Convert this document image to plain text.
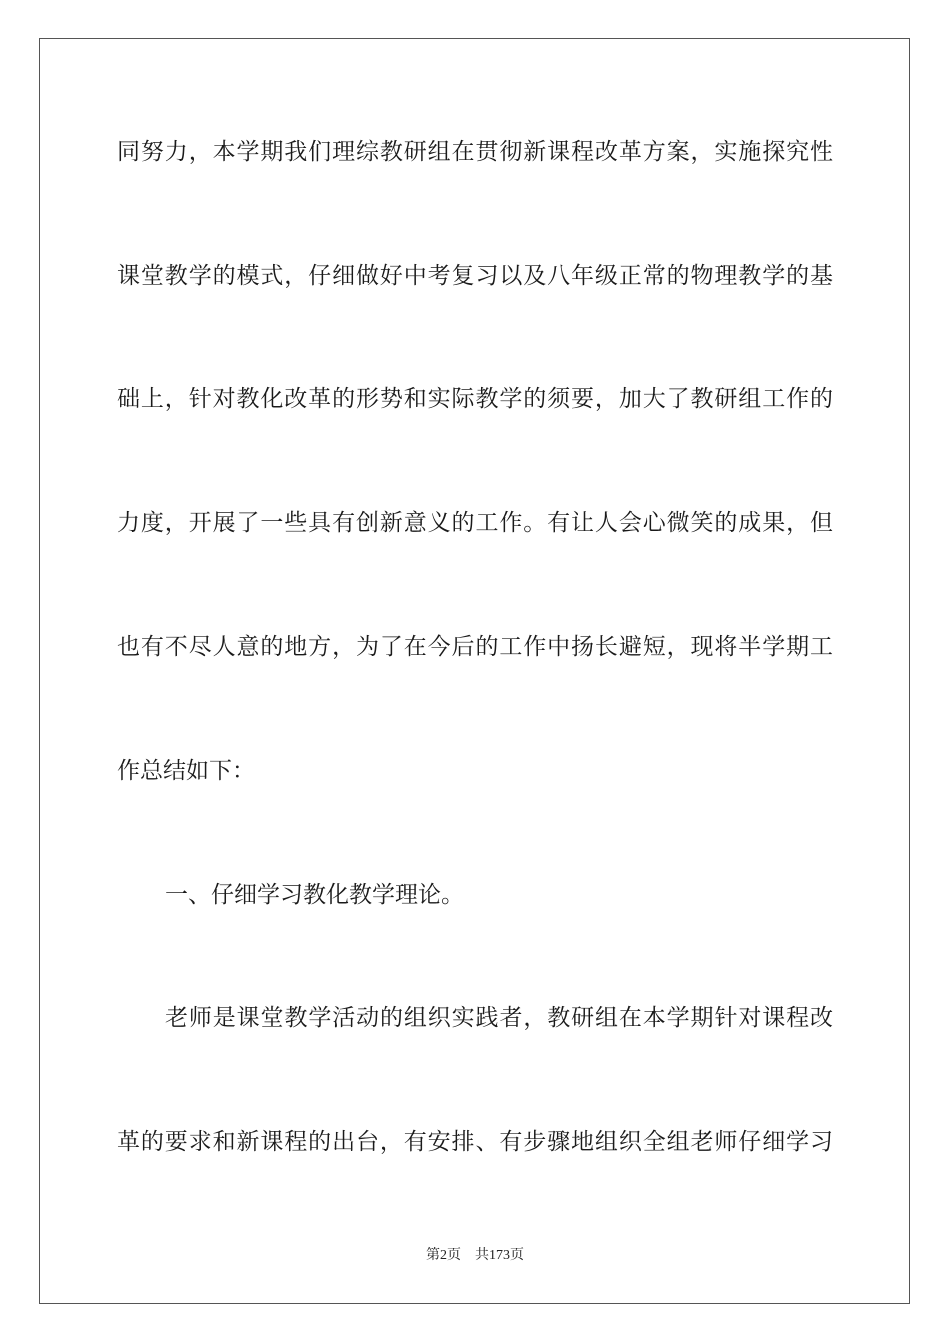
同努力，本学期我们理综教研组在贯彻新课程改革方案，实施探究性
课堂教学的模式，仔细做好中考复习以及八年级正常的物理教学的基
础上，针对教化改革的形势和实际教学的须要，加大了教研组工作的
力度，开展了一些具有创新意义的工作。有让人会心微笑的成果，但
也有不尽人意的地方，为了在今后的工作中扬长避短，现将半学期工
作总结如下：
一、仔细学习教化教学理论。
老师是课堂教学活动的组织实践者，教研组在本学期针对课程改
革的要求和新课程的出台，有安排、有步骤地组织全组老师仔细学习
第2页 共173页
